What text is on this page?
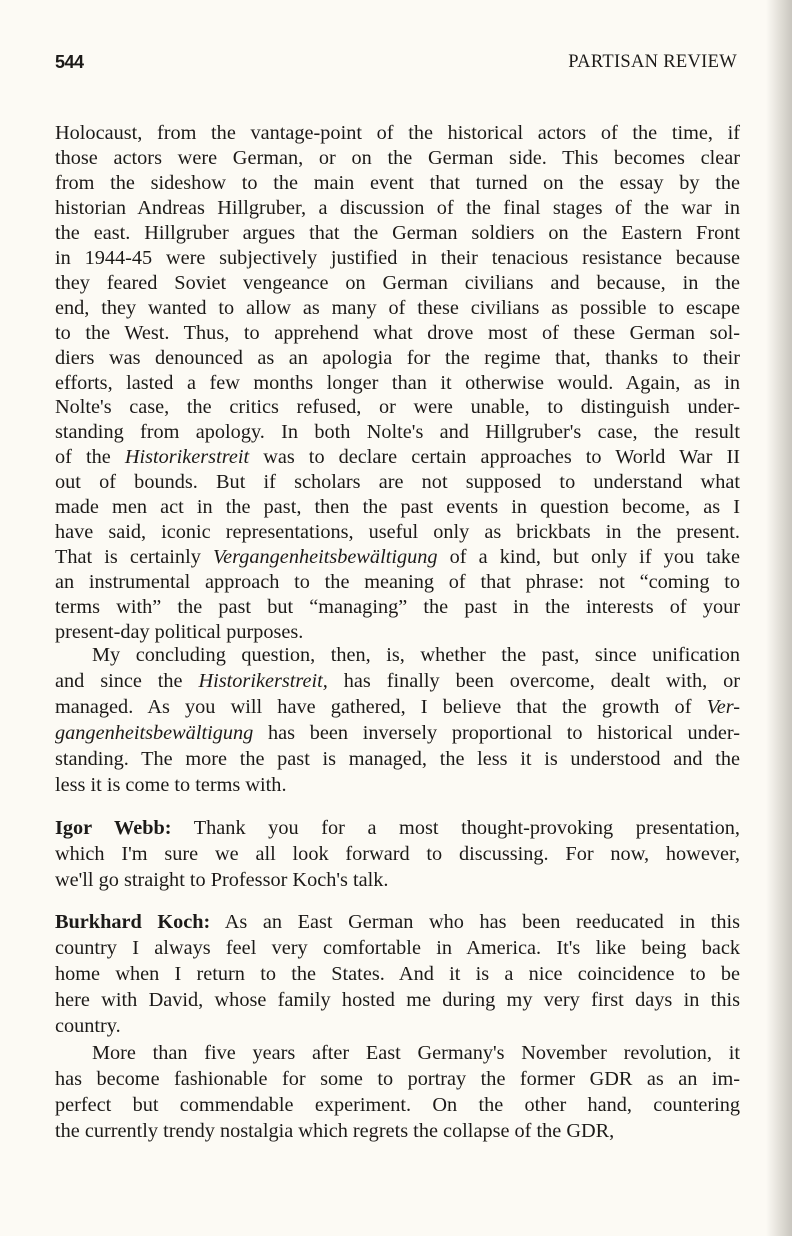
544	PARTISAN REVIEW
Holocaust, from the vantage-point of the historical actors of the time, if
those actors were German, or on the German side. This becomes clear
from the sideshow to the main event that turned on the essay by the
historian Andreas Hillgruber, a discussion of the final stages of the war in
the east. Hillgruber argues that the German soldiers on the Eastern Front
in 1944-45 were subjectively justified in their tenacious resistance because
they feared Soviet vengeance on German civilians and because, in the
end, they wanted to allow as many of these civilians as possible to escape
to the West. Thus, to apprehend what drove most of these German sol-
diers was denounced as an apologia for the regime that, thanks to their
efforts, lasted a few months longer than it otherwise would. Again, as in
Nolte's case, the critics refused, or were unable, to distinguish under-
standing from apology. In both Nolte's and Hillgruber's case, the result
of the Historikerstreit was to declare certain approaches to World War II
out of bounds. But if scholars are not supposed to understand what
made men act in the past, then the past events in question become, as I
have said, iconic representations, useful only as brickbats in the present.
That is certainly Vergangenheitsbewältigung of a kind, but only if you take
an instrumental approach to the meaning of that phrase: not “coming to
terms with” the past but “managing” the past in the interests of your
present-day political purposes.
My concluding question, then, is, whether the past, since unification
and since the Historikerstreit, has finally been overcome, dealt with, or
managed. As you will have gathered, I believe that the growth of Ver-
gangenheitsbewältigung has been inversely proportional to historical under-
standing. The more the past is managed, the less it is understood and the
less it is come to terms with.
Igor Webb: Thank you for a most thought-provoking presentation,
which I'm sure we all look forward to discussing. For now, however,
we'll go straight to Professor Koch's talk.
Burkhard Koch: As an East German who has been reeducated in this
country I always feel very comfortable in America. It's like being back
home when I return to the States. And it is a nice coincidence to be
here with David, whose family hosted me during my very first days in this
country.
More than five years after East Germany's November revolution, it
has become fashionable for some to portray the former GDR as an im-
perfect but commendable experiment. On the other hand, countering
the currently trendy nostalgia which regrets the collapse of the GDR,
